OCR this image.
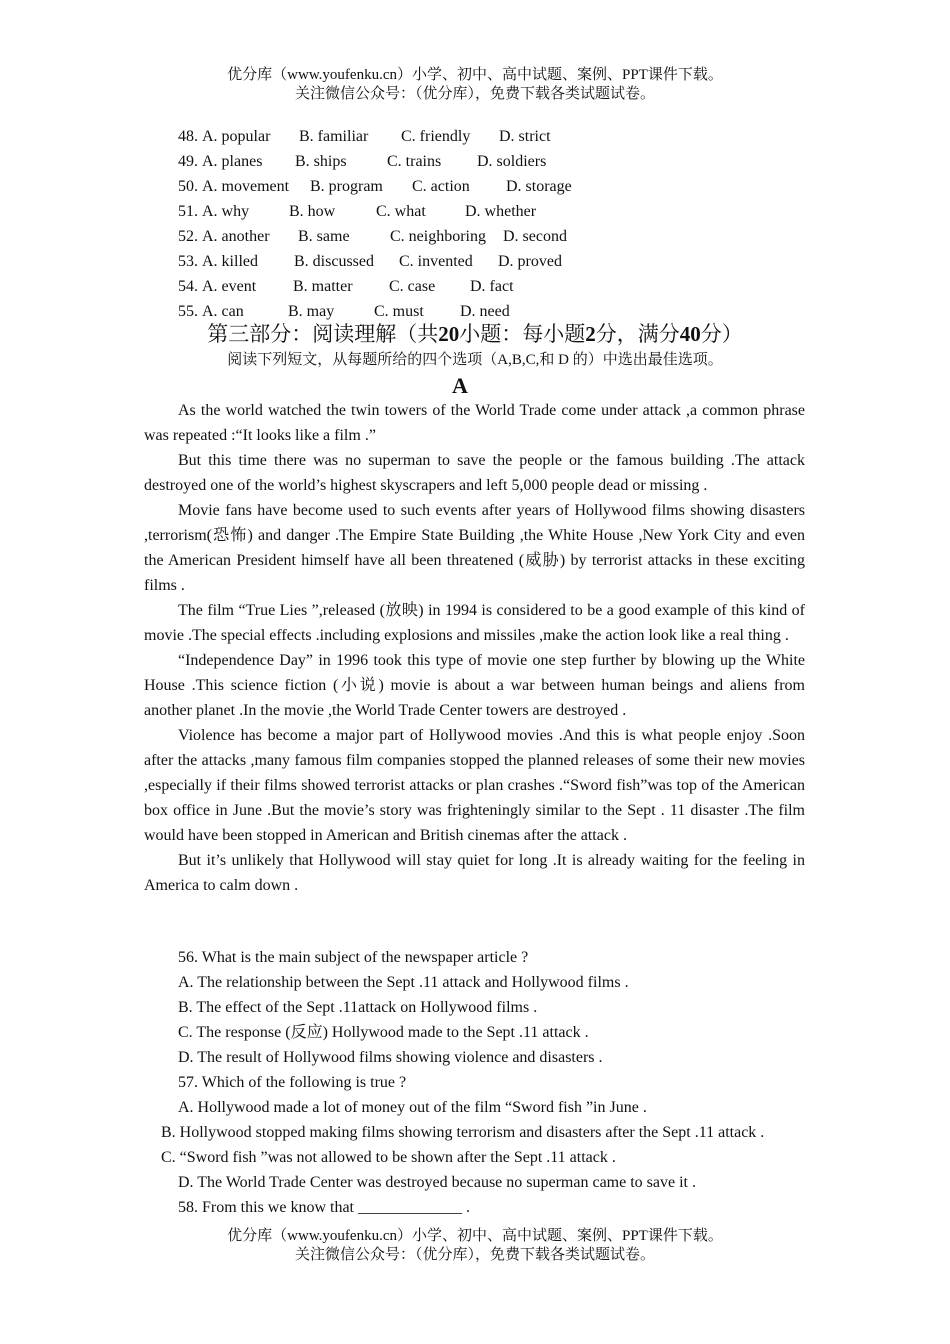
优分库（www.youfenku.cn）小学、初中、高中试题、案例、PPT课件下载。
关注微信公众号：（优分库），免费下载各类试题试卷。
48. A. popular B. familiar C. friendly D. strict
49. A. planes B. ships	C. trains D. soldiers
50. A. movement B. program C. action D. storage
51. A. why B. how	C. what D. whether
52. A. another B. same	C. neighboring D. second
53. A. killed B. discussed C. invented D. proved
54. A. event B. matter C. case D. fact
55. A. can	B. may C. must D. need
第三部分：阅读理解（共20小题：每小题2分，满分40分）
阅读下列短文，从每题所给的四个选项（A,B,C,和 D 的）中选出最佳选项。
A

As the world watched the twin towers of the World Trade come under attack ,a common phrase was repeated :“It looks like a film .”

But this time there was no superman to save the people or the famous building .The attack destroyed one of the world’s highest skyscrapers and left 5,000 people dead or missing .

Movie fans have become used to such events after years of Hollywood films showing disasters ,terrorism(恐怖) and danger .The Empire State Building ,the White House ,New York City and even the American President himself have all been threatened (威胁) by terrorist attacks in these exciting films .

The film “True Lies ”,released (放映) in 1994 is considered to be a good example of this kind of movie .The special effects .including explosions and missiles ,make the action look like a real thing .

“Independence Day” in 1996 took this type of movie one step further by blowing up the White House .This science fiction (小说) movie is about a war between human beings and aliens from another planet .In the movie ,the World Trade Center towers are destroyed .

Violence has become a major part of Hollywood movies .And this is what people enjoy .Soon after the attacks ,many famous film companies stopped the planned releases of some their new movies ,especially if their films showed terrorist attacks or plan crashes .“Sword fish”was top of the American box office in June .But the movie’s story was frighteningly similar to the Sept . 11 disaster .The film would have been stopped in American and British cinemas after the attack .

But it’s unlikely that Hollywood will stay quiet for long .It is already waiting for the feeling in America to calm down .

56. What is the main subject of the newspaper article ?
A. The relationship between the Sept .11 attack and Hollywood films .
B. The effect of the Sept .11attack on Hollywood films .
C. The response (反应) Hollywood made to the Sept .11 attack .
D. The result of Hollywood films showing violence and disasters .
57. Which of the following is true ?
A. Hollywood made a lot of money out of the film “Sword fish ”in June .
B. Hollywood stopped making films showing terrorism and disasters after the Sept .11 attack .
C. “Sword fish ”was not allowed to be shown after the Sept .11 attack .
D. The World Trade Center was destroyed because no superman came to save it .
58. From this we know that _____________ .
优分库（www.youfenku.cn）小学、初中、高中试题、案例、PPT课件下载。
关注微信公众号：（优分库），免费下载各类试题试卷。
